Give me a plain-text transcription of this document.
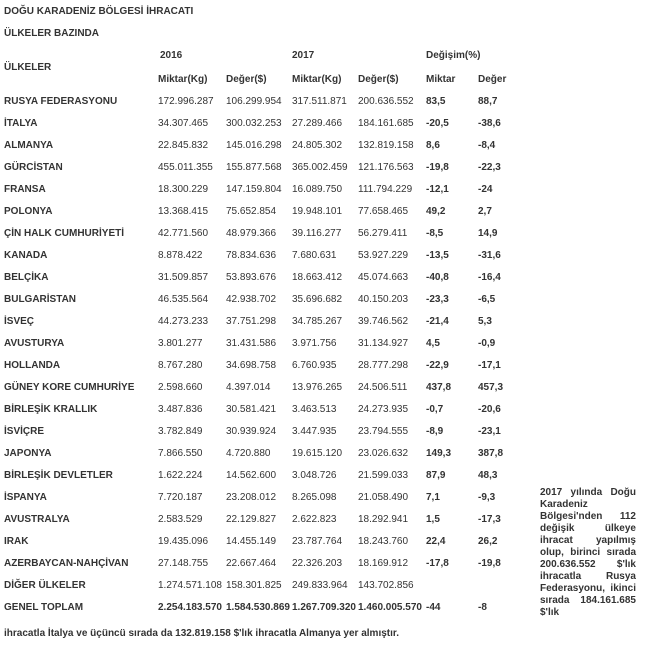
DOĞU KARADENİZ BÖLGESİ İHRACATI
ÜLKELER BAZINDA
ÜLKELER
2016	2017	Değişim(%)
Miktar(Kg) Değer($)	Miktar(Kg) Değer($)	Miktar Değer
RUSYA FEDERASYONU	172.996.287 106.299.954 317.511.871 200.636.552 83,5	88,7
İTALYA	34.307.465 300.032.253 27.289.466 184.161.685 -20,5	-38,6
ALMANYA	22.845.832 145.016.298 24.805.302 132.819.158 8,6	-8,4
GÜRCİSTAN	455.011.355 155.877.568 365.002.459 121.176.563 -19,8	-22,3
FRANSA	18.300.229 147.159.804 16.089.750 111.794.229 -12,1	-24
POLONYA	13.368.415 75.652.854 19.948.101 77.658.465 49,2	2,7
ÇİN HALK CUMHURİYETİ	42.771.560 48.979.366 39.116.277 56.279.411 -8,5	14,9
KANADA	8.878.422 78.834.636 7.680.631 53.927.229 -13,5	-31,6
BELÇİKA	31.509.857 53.893.676 18.663.412 45.074.663 -40,8	-16,4
BULGARİSTAN	46.535.564 42.938.702 35.696.682 40.150.203 -23,3	-6,5
İSVEÇ	44.273.233 37.751.298 34.785.267 39.746.562 -21,4	5,3
AVUSTURYA	3.801.277 31.431.586 3.971.756 31.134.927 4,5	-0,9
HOLLANDA	8.767.280 34.698.758 6.760.935 28.777.298 -22,9	-17,1
GÜNEY KORE CUMHURİYE 2.598.660 4.397.014 13.976.265 24.506.511 437,8	457,3
BİRLEŞİK KRALLIK	3.487.836 30.581.421 3.463.513 24.273.935 -0,7	-20,6
İSVİÇRE	3.782.849 30.939.924 3.447.935 23.794.555 -8,9	-23,1
JAPONYA	7.866.550 4.720.880 19.615.120 23.026.632 149,3	387,8
BİRLEŞİK DEVLETLER	1.622.224 14.562.600 3.048.726 21.599.033 87,9	48,3
İSPANYA	7.720.187 23.208.012 8.265.098 21.058.490 7,1	-9,3
AVUSTRALYA	2.583.529 22.129.827 2.622.823 18.292.941 1,5	-17,3
IRAK	19.435.096 14.455.149 23.787.764 18.243.760 22,4	26,2
AZERBAYCAN-NAHÇİVAN	27.148.755 22.667.464 22.326.203 18.169.912 -17,8	-19,8
DİĞER ÜLKELER	1.274.571.108 158.301.825 249.833.964 143.702.856
GENEL TOPLAM	2.254.183.570 1.584.530.869 1.267.709.320 1.460.005.570 -44	-8
2017 yılında Doğu Karadeniz Bölgesi'nden 112 değişik ülkeye ihracat yapılmış olup, birinci sırada 200.636.552 $'lık ihracatla Rusya Federasyonu, ikinci sırada 184.161.685 $'lık
ihracatla İtalya ve üçüncü sırada da 132.819.158 $'lık ihracatla Almanya yer almıştır.
